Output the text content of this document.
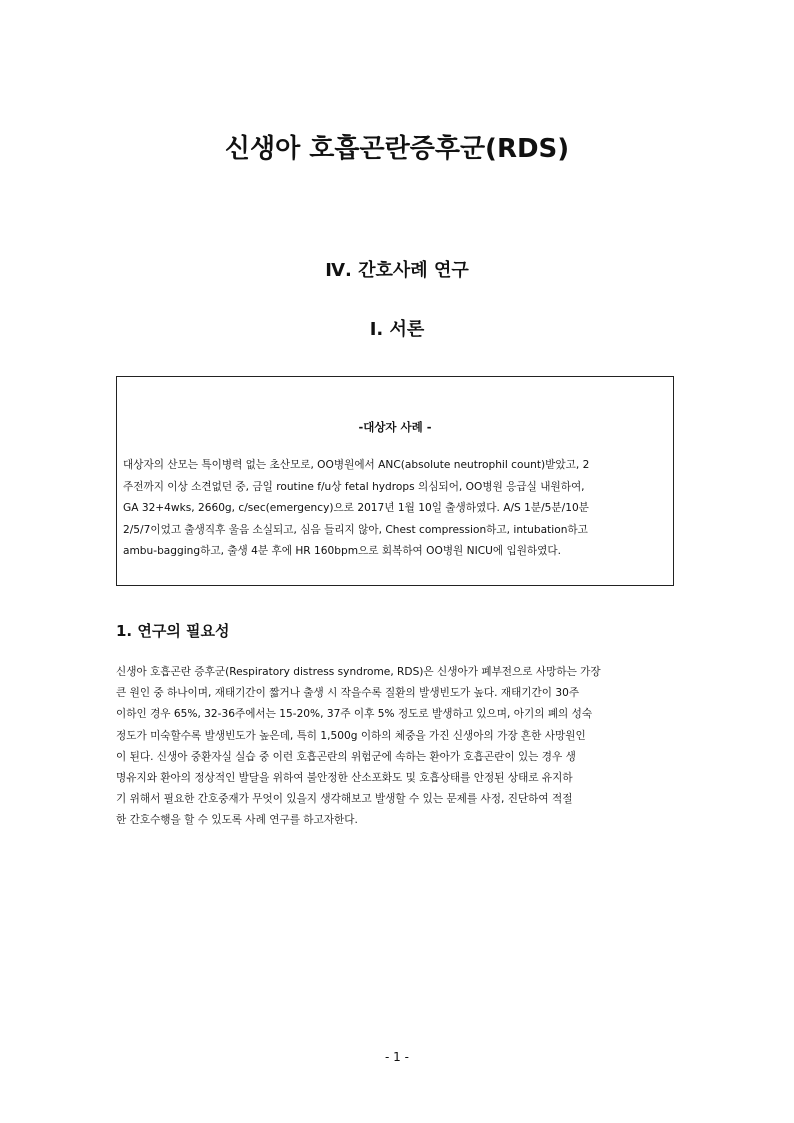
신생아 호흡곤란증후군(RDS)
Ⅳ. 간호사례 연구
Ⅰ. 서론
-대상자 사례 -
대상자의 산모는 특이병력 없는 초산모로, OO병원에서 ANC(absolute neutrophil count)받았고, 2
주전까지 이상 소견없던 중, 금일 routine f/u상 fetal hydrops 의심되어, OO병원 응급실 내원하여,
GA 32+4wks, 2660g, c/sec(emergency)으로 2017년 1월 10일 출생하였다. A/S 1분/5분/10분
2/5/7이었고 출생직후 울음 소실되고, 심음 들리지 않아, Chest compression하고, intubation하고
ambu-bagging하고, 출생 4분 후에 HR 160bpm으로 회복하여 OO병원 NICU에 입원하였다.
1. 연구의 필요성
신생아 호흡곤란 증후군(Respiratory distress syndrome, RDS)은 신생아가 폐부전으로 사망하는 가장
큰 원인 중 하나이며, 재태기간이 짧거나 출생 시 작을수록 질환의 발생빈도가 높다. 재태기간이 30주
이하인 경우 65%, 32-36주에서는 15-20%, 37주 이후 5% 정도로 발생하고 있으며, 아기의 폐의 성숙
정도가 미숙할수록 발생빈도가 높은데, 특히 1,500g 이하의 체중을 가진 신생아의 가장 흔한 사망원인
이 된다. 신생아 중환자실 실습 중 이런 호흡곤란의 위험군에 속하는 환아가 호흡곤란이 있는 경우 생
명유지와 환아의 정상적인 발달을 위하여 불안정한 산소포화도 및 호흡상태를 안정된 상태로 유지하
기 위해서 필요한 간호중재가 무엇이 있을지 생각해보고 발생할 수 있는 문제를 사정, 진단하여 적절
한 간호수행을 할 수 있도록 사례 연구를 하고자한다.
- 1 -
